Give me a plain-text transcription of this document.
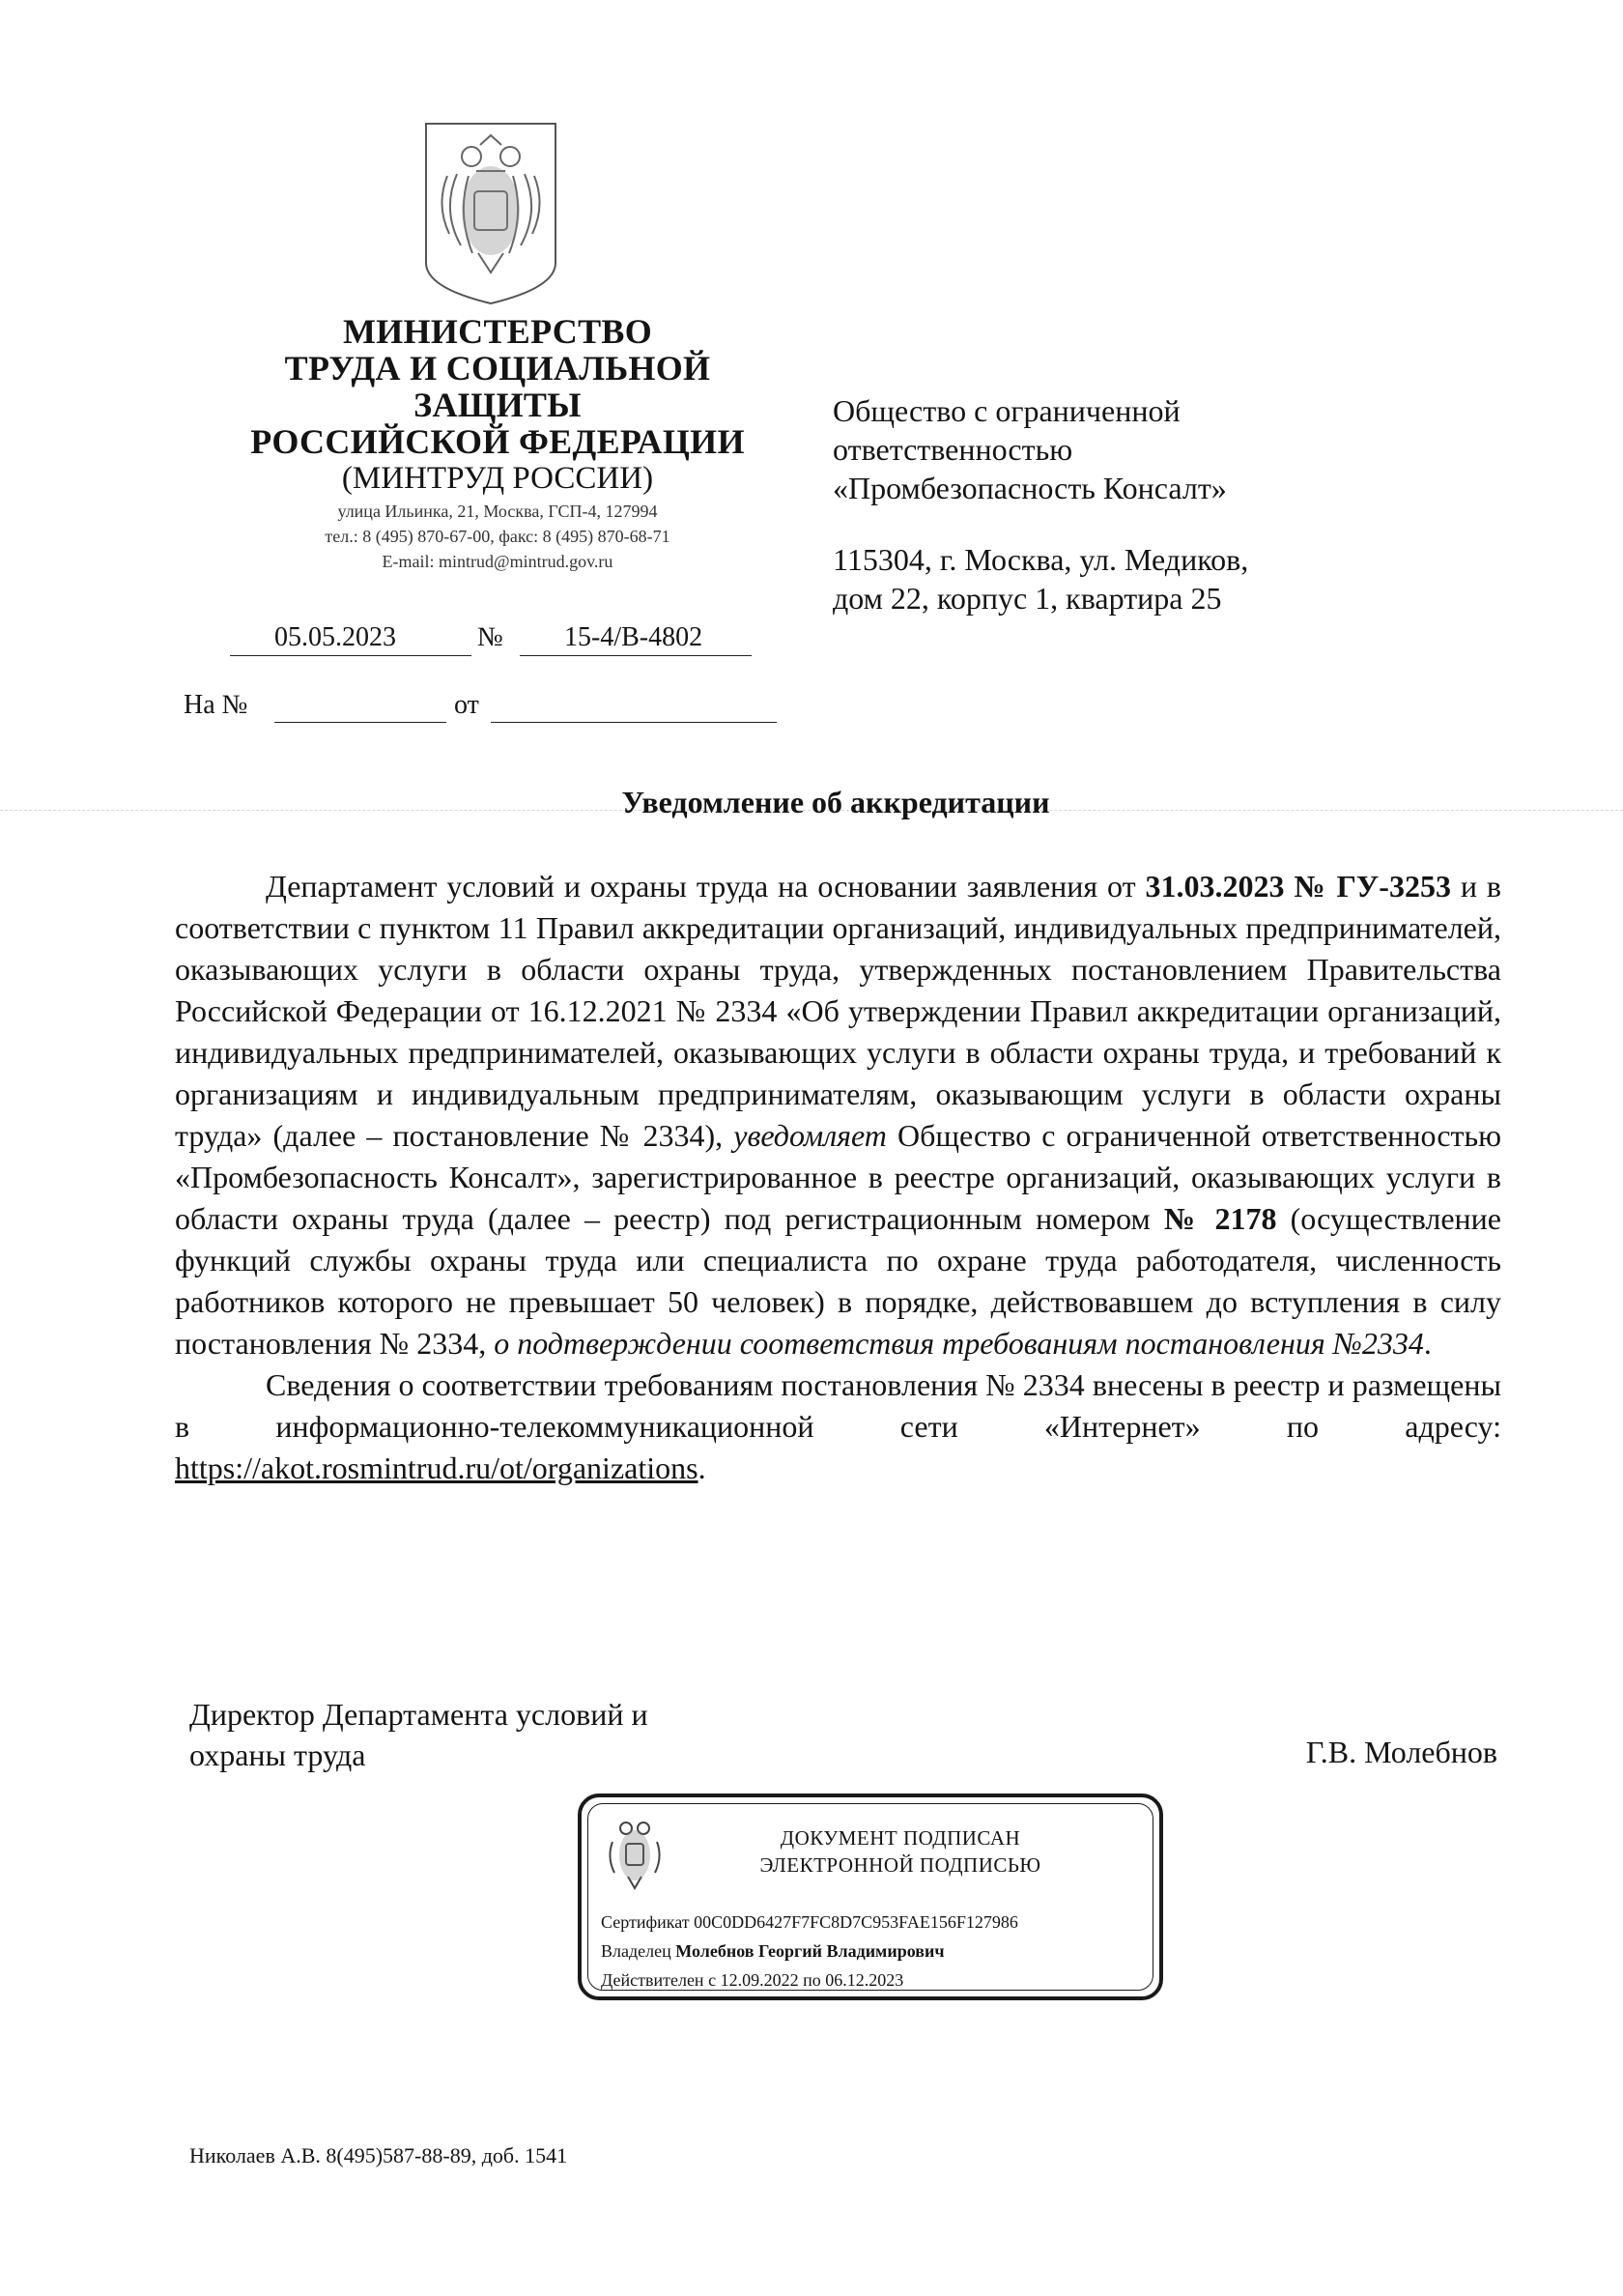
МИНИСТЕРСТВО
ТРУДА И СОЦИАЛЬНОЙ
ЗАЩИТЫ
РОССИЙСКОЙ ФЕДЕРАЦИИ
(МИНТРУД РОССИИ)
улица Ильинка, 21, Москва, ГСП-4, 127994
тел.: 8 (495) 870-67-00, факс: 8 (495) 870-68-71
E-mail: mintrud@mintrud.gov.ru
05.05.2023	№ 15-4/В-4802
На №	от
Общество с ограниченной
ответственностью
«Промбезопасность Консалт»
115304, г. Москва, ул. Медиков,
дом 22, корпус 1, квартира 25
Уведомление об аккредитации

Департамент условий и охраны труда на основании заявления от 31.03.2023 № ГУ-3253 и в соответствии с пунктом 11 Правил аккредитации организаций, индивидуальных предпринимателей, оказывающих услуги в области охраны труда, утвержденных постановлением Правительства Российской Федерации от 16.12.2021 № 2334 «Об утверждении Правил аккредитации организаций, индивидуальных предпринимателей, оказывающих услуги в области охраны труда, и требований к организациям и индивидуальным предпринимателям, оказывающим услуги в области охраны труда» (далее – постановление № 2334), уведомляет Общество с ограниченной ответственностью «Промбезопасность Консалт», зарегистрированное в реестре организаций, оказывающих услуги в области охраны труда (далее – реестр) под регистрационным номером № 2178 (осуществление функций службы охраны труда или специалиста по охране труда работодателя, численность работников которого не превышает 50 человек) в порядке, действовавшем до вступления в силу постановления № 2334, о подтверждении соответствия требованиям постановления №2334.

Сведения о соответствии требованиям постановления № 2334 внесены в реестр и размещены в информационно-телекоммуникационной сети «Интернет» по адресу: https://akot.rosmintrud.ru/ot/organizations.

Директор Департамента условий и
охраны труда	Г.В. Молебнов
ДОКУМЕНТ ПОДПИСАН
ЭЛЕКТРОННОЙ ПОДПИСЬЮ
Сертификат 00C0DD6427F7FC8D7C953FAE156F127986
Владелец Молебнов Георгий Владимирович
Действителен с 12.09.2022 по 06.12.2023
Николаев А.В. 8(495)587-88-89, доб. 1541
